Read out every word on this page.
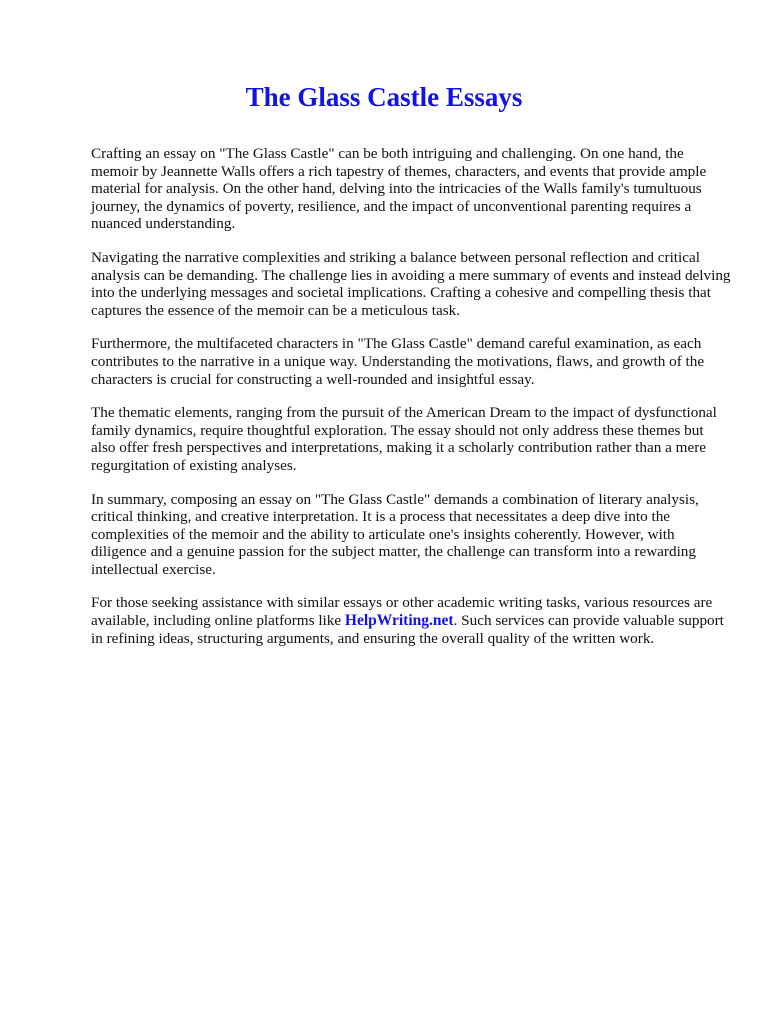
The Glass Castle Essays

Crafting an essay on "The Glass Castle" can be both intriguing and challenging. On one hand, the memoir by Jeannette Walls offers a rich tapestry of themes, characters, and events that provide ample material for analysis. On the other hand, delving into the intricacies of the Walls family's tumultuous journey, the dynamics of poverty, resilience, and the impact of unconventional parenting requires a nuanced understanding.

Navigating the narrative complexities and striking a balance between personal reflection and critical analysis can be demanding. The challenge lies in avoiding a mere summary of events and instead delving into the underlying messages and societal implications. Crafting a cohesive and compelling thesis that captures the essence of the memoir can be a meticulous task.

Furthermore, the multifaceted characters in "The Glass Castle" demand careful examination, as each contributes to the narrative in a unique way. Understanding the motivations, flaws, and growth of the characters is crucial for constructing a well-rounded and insightful essay.

The thematic elements, ranging from the pursuit of the American Dream to the impact of dysfunctional family dynamics, require thoughtful exploration. The essay should not only address these themes but also offer fresh perspectives and interpretations, making it a scholarly contribution rather than a mere regurgitation of existing analyses.

In summary, composing an essay on "The Glass Castle" demands a combination of literary analysis, critical thinking, and creative interpretation. It is a process that necessitates a deep dive into the complexities of the memoir and the ability to articulate one's insights coherently. However, with diligence and a genuine passion for the subject matter, the challenge can transform into a rewarding intellectual exercise.

For those seeking assistance with similar essays or other academic writing tasks, various resources are available, including online platforms like HelpWriting.net. Such services can provide valuable support in refining ideas, structuring arguments, and ensuring the overall quality of the written work.
